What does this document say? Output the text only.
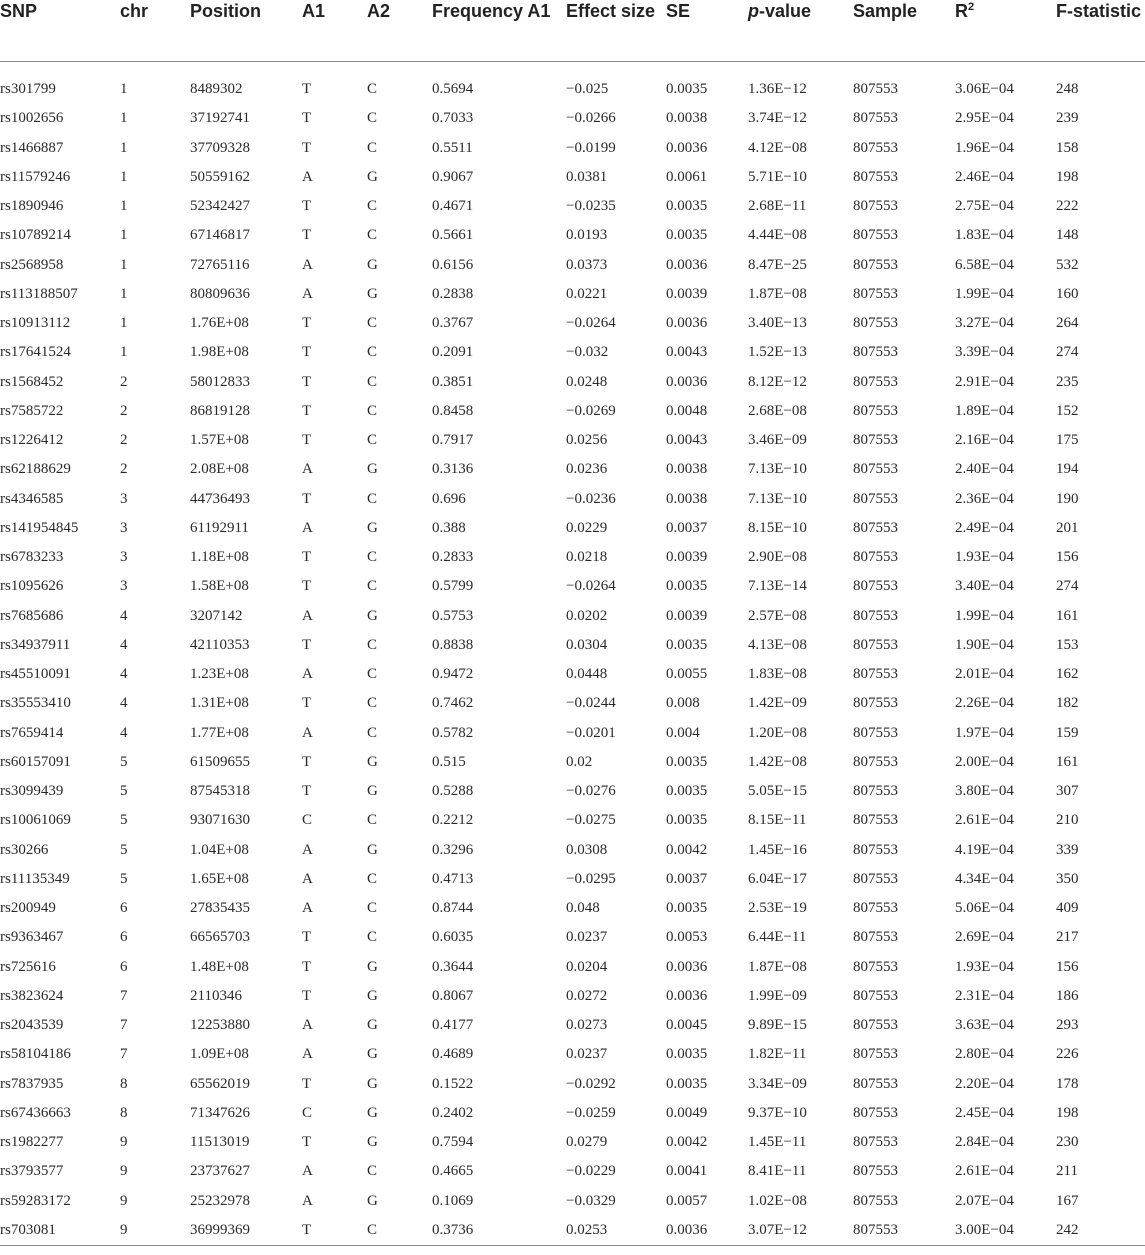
SNP	chr	Position	A1	A2	Frequency A1	Effect size	SE	p-value	Sample	$R^2$	F-statistic

rs301799	1	8489302	T	C	0.5694	−0.025	0.0035	1.36E−12	807553	3.06E−04	248
rs1002656	1	37192741	T	C	0.7033	−0.0266	0.0038	3.74E−12	807553	2.95E−04	239
rs1466887	1	37709328	T	C	0.5511	−0.0199	0.0036	4.12E−08	807553	1.96E−04	158
rs11579246	1	50559162	A	G	0.9067	0.0381	0.0061	5.71E−10	807553	2.46E−04	198
rs1890946	1	52342427	T	C	0.4671	−0.0235	0.0035	2.68E−11	807553	2.75E−04	222
rs10789214	1	67146817	T	C	0.5661	0.0193	0.0035	4.44E−08	807553	1.83E−04	148
rs2568958	1	72765116	A	G	0.6156	0.0373	0.0036	8.47E−25	807553	6.58E−04	532
rs113188507	1	80809636	A	G	0.2838	0.0221	0.0039	1.87E−08	807553	1.99E−04	160
rs10913112	1	1.76E+08	T	C	0.3767	−0.0264	0.0036	3.40E−13	807553	3.27E−04	264
rs17641524	1	1.98E+08	T	C	0.2091	−0.032	0.0043	1.52E−13	807553	3.39E−04	274
rs1568452	2	58012833	T	C	0.3851	0.0248	0.0036	8.12E−12	807553	2.91E−04	235
rs7585722	2	86819128	T	C	0.8458	−0.0269	0.0048	2.68E−08	807553	1.89E−04	152
rs1226412	2	1.57E+08	T	C	0.7917	0.0256	0.0043	3.46E−09	807553	2.16E−04	175
rs62188629	2	2.08E+08	A	G	0.3136	0.0236	0.0038	7.13E−10	807553	2.40E−04	194
rs4346585	3	44736493	T	C	0.696	−0.0236	0.0038	7.13E−10	807553	2.36E−04	190
rs141954845	3	61192911	A	G	0.388	0.0229	0.0037	8.15E−10	807553	2.49E−04	201
rs6783233	3	1.18E+08	T	C	0.2833	0.0218	0.0039	2.90E−08	807553	1.93E−04	156
rs1095626	3	1.58E+08	T	C	0.5799	−0.0264	0.0035	7.13E−14	807553	3.40E−04	274
rs7685686	4	3207142	A	G	0.5753	0.0202	0.0039	2.57E−08	807553	1.99E−04	161
rs34937911	4	42110353	T	C	0.8838	0.0304	0.0035	4.13E−08	807553	1.90E−04	153
rs45510091	4	1.23E+08	A	C	0.9472	0.0448	0.0055	1.83E−08	807553	2.01E−04	162
rs35553410	4	1.31E+08	T	C	0.7462	−0.0244	0.008	1.42E−09	807553	2.26E−04	182
rs7659414	4	1.77E+08	A	C	0.5782	−0.0201	0.004	1.20E−08	807553	1.97E−04	159
rs60157091	5	61509655	T	G	0.515	0.02	0.0035	1.42E−08	807553	2.00E−04	161
rs3099439	5	87545318	T	G	0.5288	−0.0276	0.0035	5.05E−15	807553	3.80E−04	307
rs10061069	5	93071630	C	C	0.2212	−0.0275	0.0035	8.15E−11	807553	2.61E−04	210
rs30266	5	1.04E+08	A	G	0.3296	0.0308	0.0042	1.45E−16	807553	4.19E−04	339
rs11135349	5	1.65E+08	A	C	0.4713	−0.0295	0.0037	6.04E−17	807553	4.34E−04	350
rs200949	6	27835435	A	C	0.8744	0.048	0.0035	2.53E−19	807553	5.06E−04	409
rs9363467	6	66565703	T	C	0.6035	0.0237	0.0053	6.44E−11	807553	2.69E−04	217
rs725616	6	1.48E+08	T	G	0.3644	0.0204	0.0036	1.87E−08	807553	1.93E−04	156
rs3823624	7	2110346	T	G	0.8067	0.0272	0.0036	1.99E−09	807553	2.31E−04	186
rs2043539	7	12253880	A	G	0.4177	0.0273	0.0045	9.89E−15	807553	3.63E−04	293
rs58104186	7	1.09E+08	A	G	0.4689	0.0237	0.0035	1.82E−11	807553	2.80E−04	226
rs7837935	8	65562019	T	G	0.1522	−0.0292	0.0035	3.34E−09	807553	2.20E−04	178
rs67436663	8	71347626	C	G	0.2402	−0.0259	0.0049	9.37E−10	807553	2.45E−04	198
rs1982277	9	11513019	T	G	0.7594	0.0279	0.0042	1.45E−11	807553	2.84E−04	230
rs3793577	9	23737627	A	C	0.4665	−0.0229	0.0041	8.41E−11	807553	2.61E−04	211
rs59283172	9	25232978	A	G	0.1069	−0.0329	0.0057	1.02E−08	807553	2.07E−04	167
rs703081	9	36999369	T	C	0.3736	0.0253	0.0036	3.07E−12	807553	3.00E−04	242
